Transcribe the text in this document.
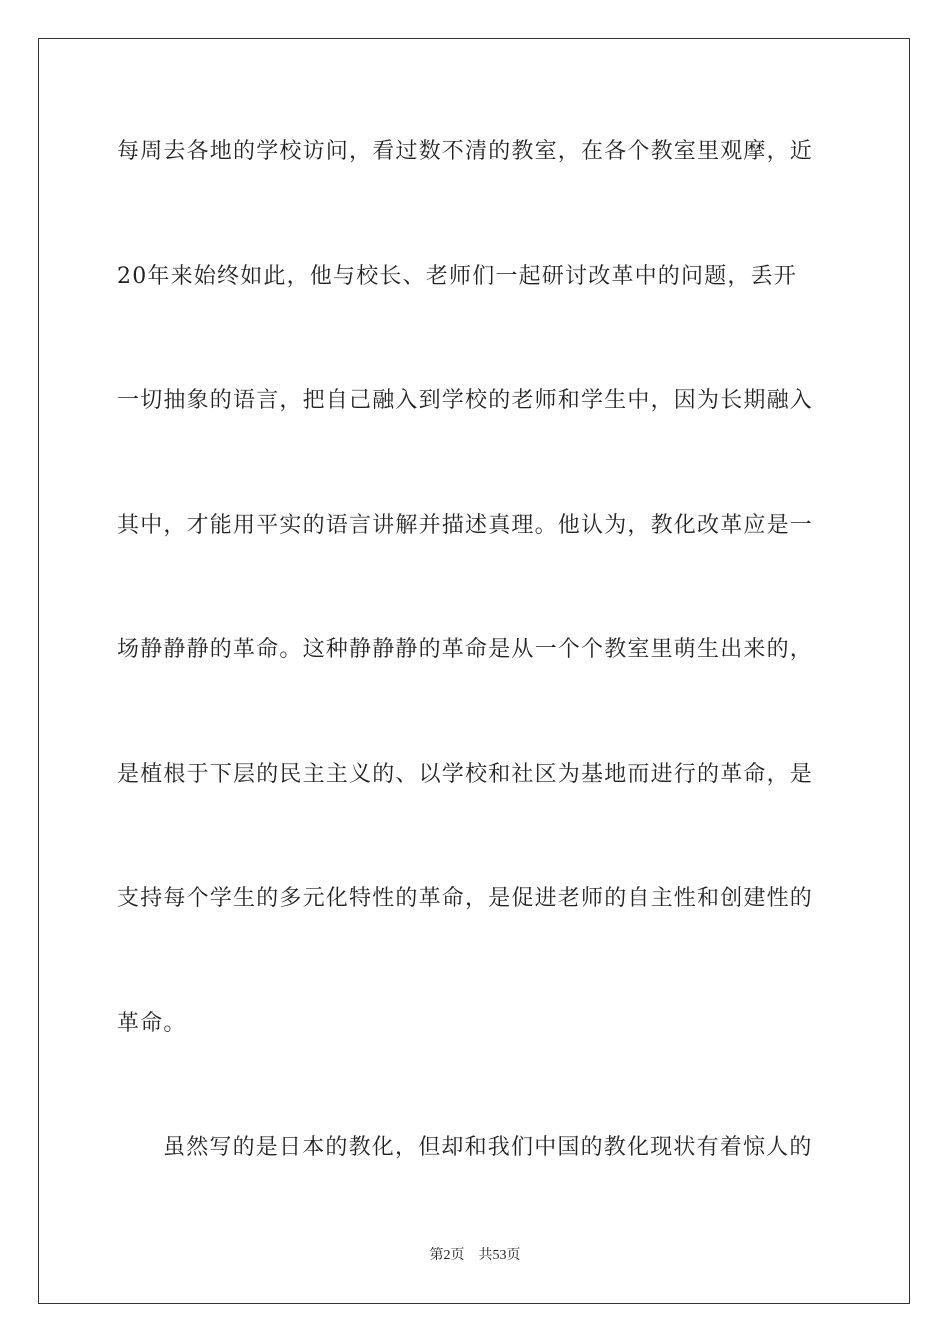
每周去各地的学校访问，看过数不清的教室，在各个教室里观摩，近
20年来始终如此，他与校长、老师们一起研讨改革中的问题，丢开
一切抽象的语言，把自己融入到学校的老师和学生中，因为长期融入
其中，才能用平实的语言讲解并描述真理。他认为，教化改革应是一
场静静静的革命。这种静静静的革命是从一个个教室里萌生出来的，
是植根于下层的民主主义的、以学校和社区为基地而进行的革命，是
支持每个学生的多元化特性的革命，是促进老师的自主性和创建性的
革命。
虽然写的是日本的教化，但却和我们中国的教化现状有着惊人的
第2页 共53页
